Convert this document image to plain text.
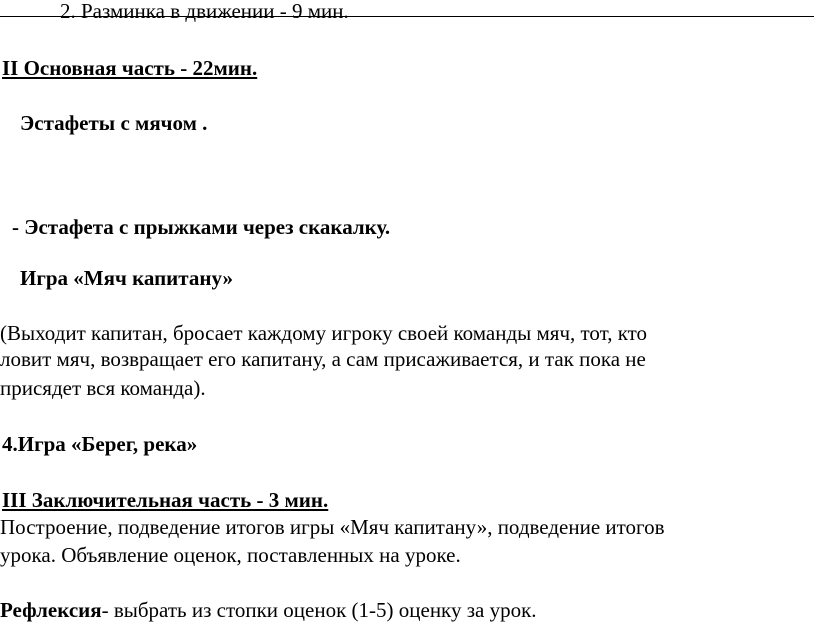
2. Разминка в движении - 9 мин.
II Основная часть - 22мин.
Эстафеты с мячом .
- Эстафета с прыжками через скакалку.
Игра «Мяч капитану»
(Выходит капитан, бросает каждому игроку своей команды мяч, тот, кто
ловит мяч, возвращает его капитану, а сам присаживается, и так пока не
присядет вся команда).
4.Игра «Берег, река»
III Заключительная часть - 3 мин.
Построение, подведение итогов игры «Мяч капитану», подведение итогов
урока. Объявление оценок, поставленных на уроке.
Рефлексия- выбрать из стопки оценок (1-5) оценку за урок.
